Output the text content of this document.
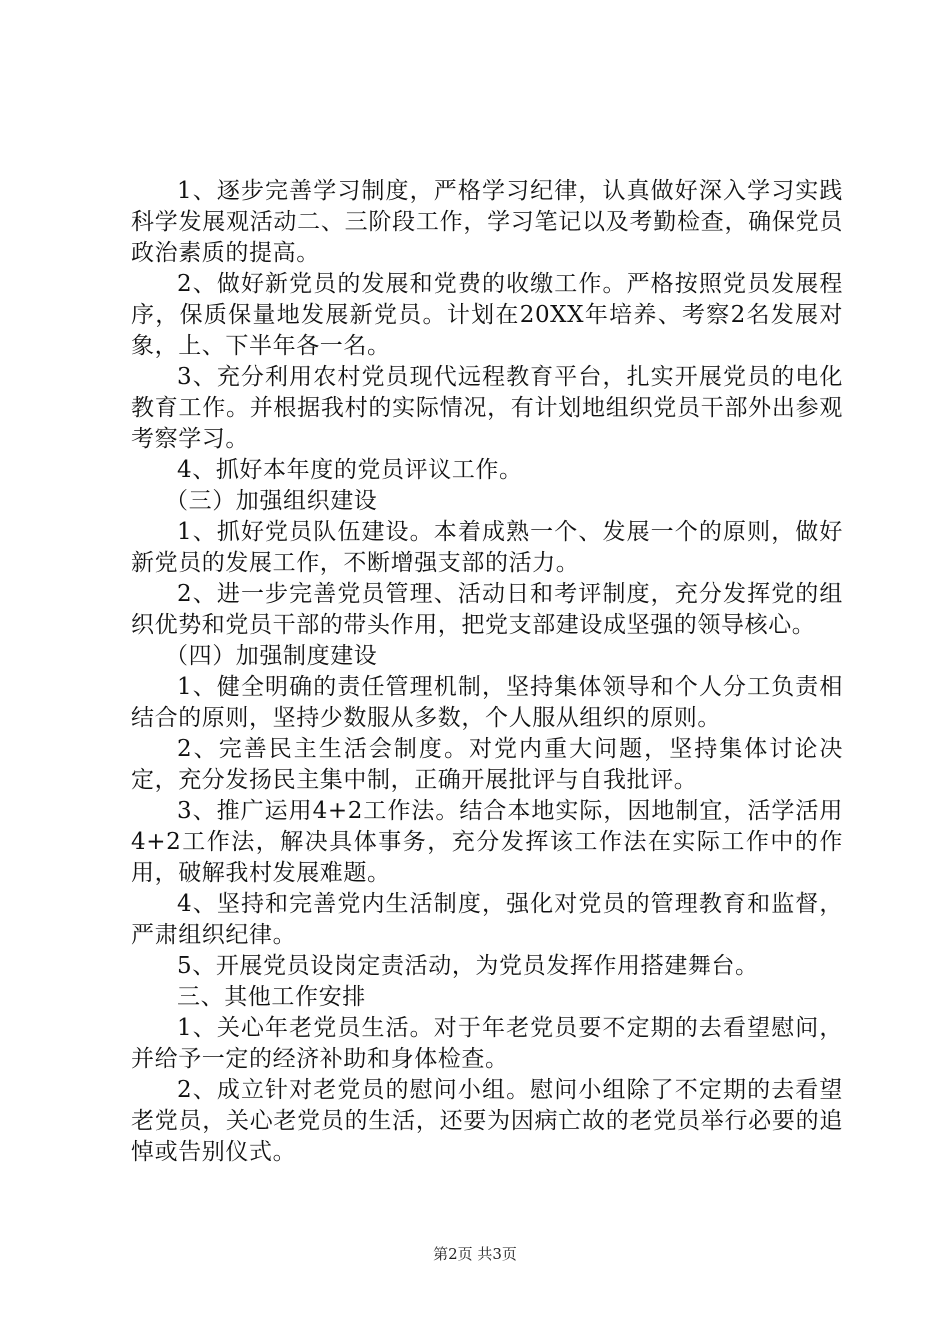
1、逐步完善学习制度，严格学习纪律，认真做好深入学习实践科学发展观活动二、三阶段工作，学习笔记以及考勤检查，确保党员政治素质的提高。

2、做好新党员的发展和党费的收缴工作。严格按照党员发展程序，保质保量地发展新党员。计划在20XX年培养、考察2名发展对象，上、下半年各一名。

3、充分利用农村党员现代远程教育平台，扎实开展党员的电化教育工作。并根据我村的实际情况，有计划地组织党员干部外出参观考察学习。

4、抓好本年度的党员评议工作。

（三）加强组织建设

1、抓好党员队伍建设。本着成熟一个、发展一个的原则，做好新党员的发展工作，不断增强支部的活力。

2、进一步完善党员管理、活动日和考评制度，充分发挥党的组织优势和党员干部的带头作用，把党支部建设成坚强的领导核心。

（四）加强制度建设

1、健全明确的责任管理机制，坚持集体领导和个人分工负责相结合的原则，坚持少数服从多数，个人服从组织的原则。

2、完善民主生活会制度。对党内重大问题，坚持集体讨论决定，充分发扬民主集中制，正确开展批评与自我批评。

3、推广运用4+2工作法。结合本地实际，因地制宜，活学活用4+2工作法，解决具体事务，充分发挥该工作法在实际工作中的作用，破解我村发展难题。

4、坚持和完善党内生活制度，强化对党员的管理教育和监督，严肃组织纪律。

5、开展党员设岗定责活动，为党员发挥作用搭建舞台。

三、其他工作安排

1、关心年老党员生活。对于年老党员要不定期的去看望慰问，并给予一定的经济补助和身体检查。

2、成立针对老党员的慰问小组。慰问小组除了不定期的去看望老党员，关心老党员的生活，还要为因病亡故的老党员举行必要的追悼或告别仪式。

第2页 共3页
